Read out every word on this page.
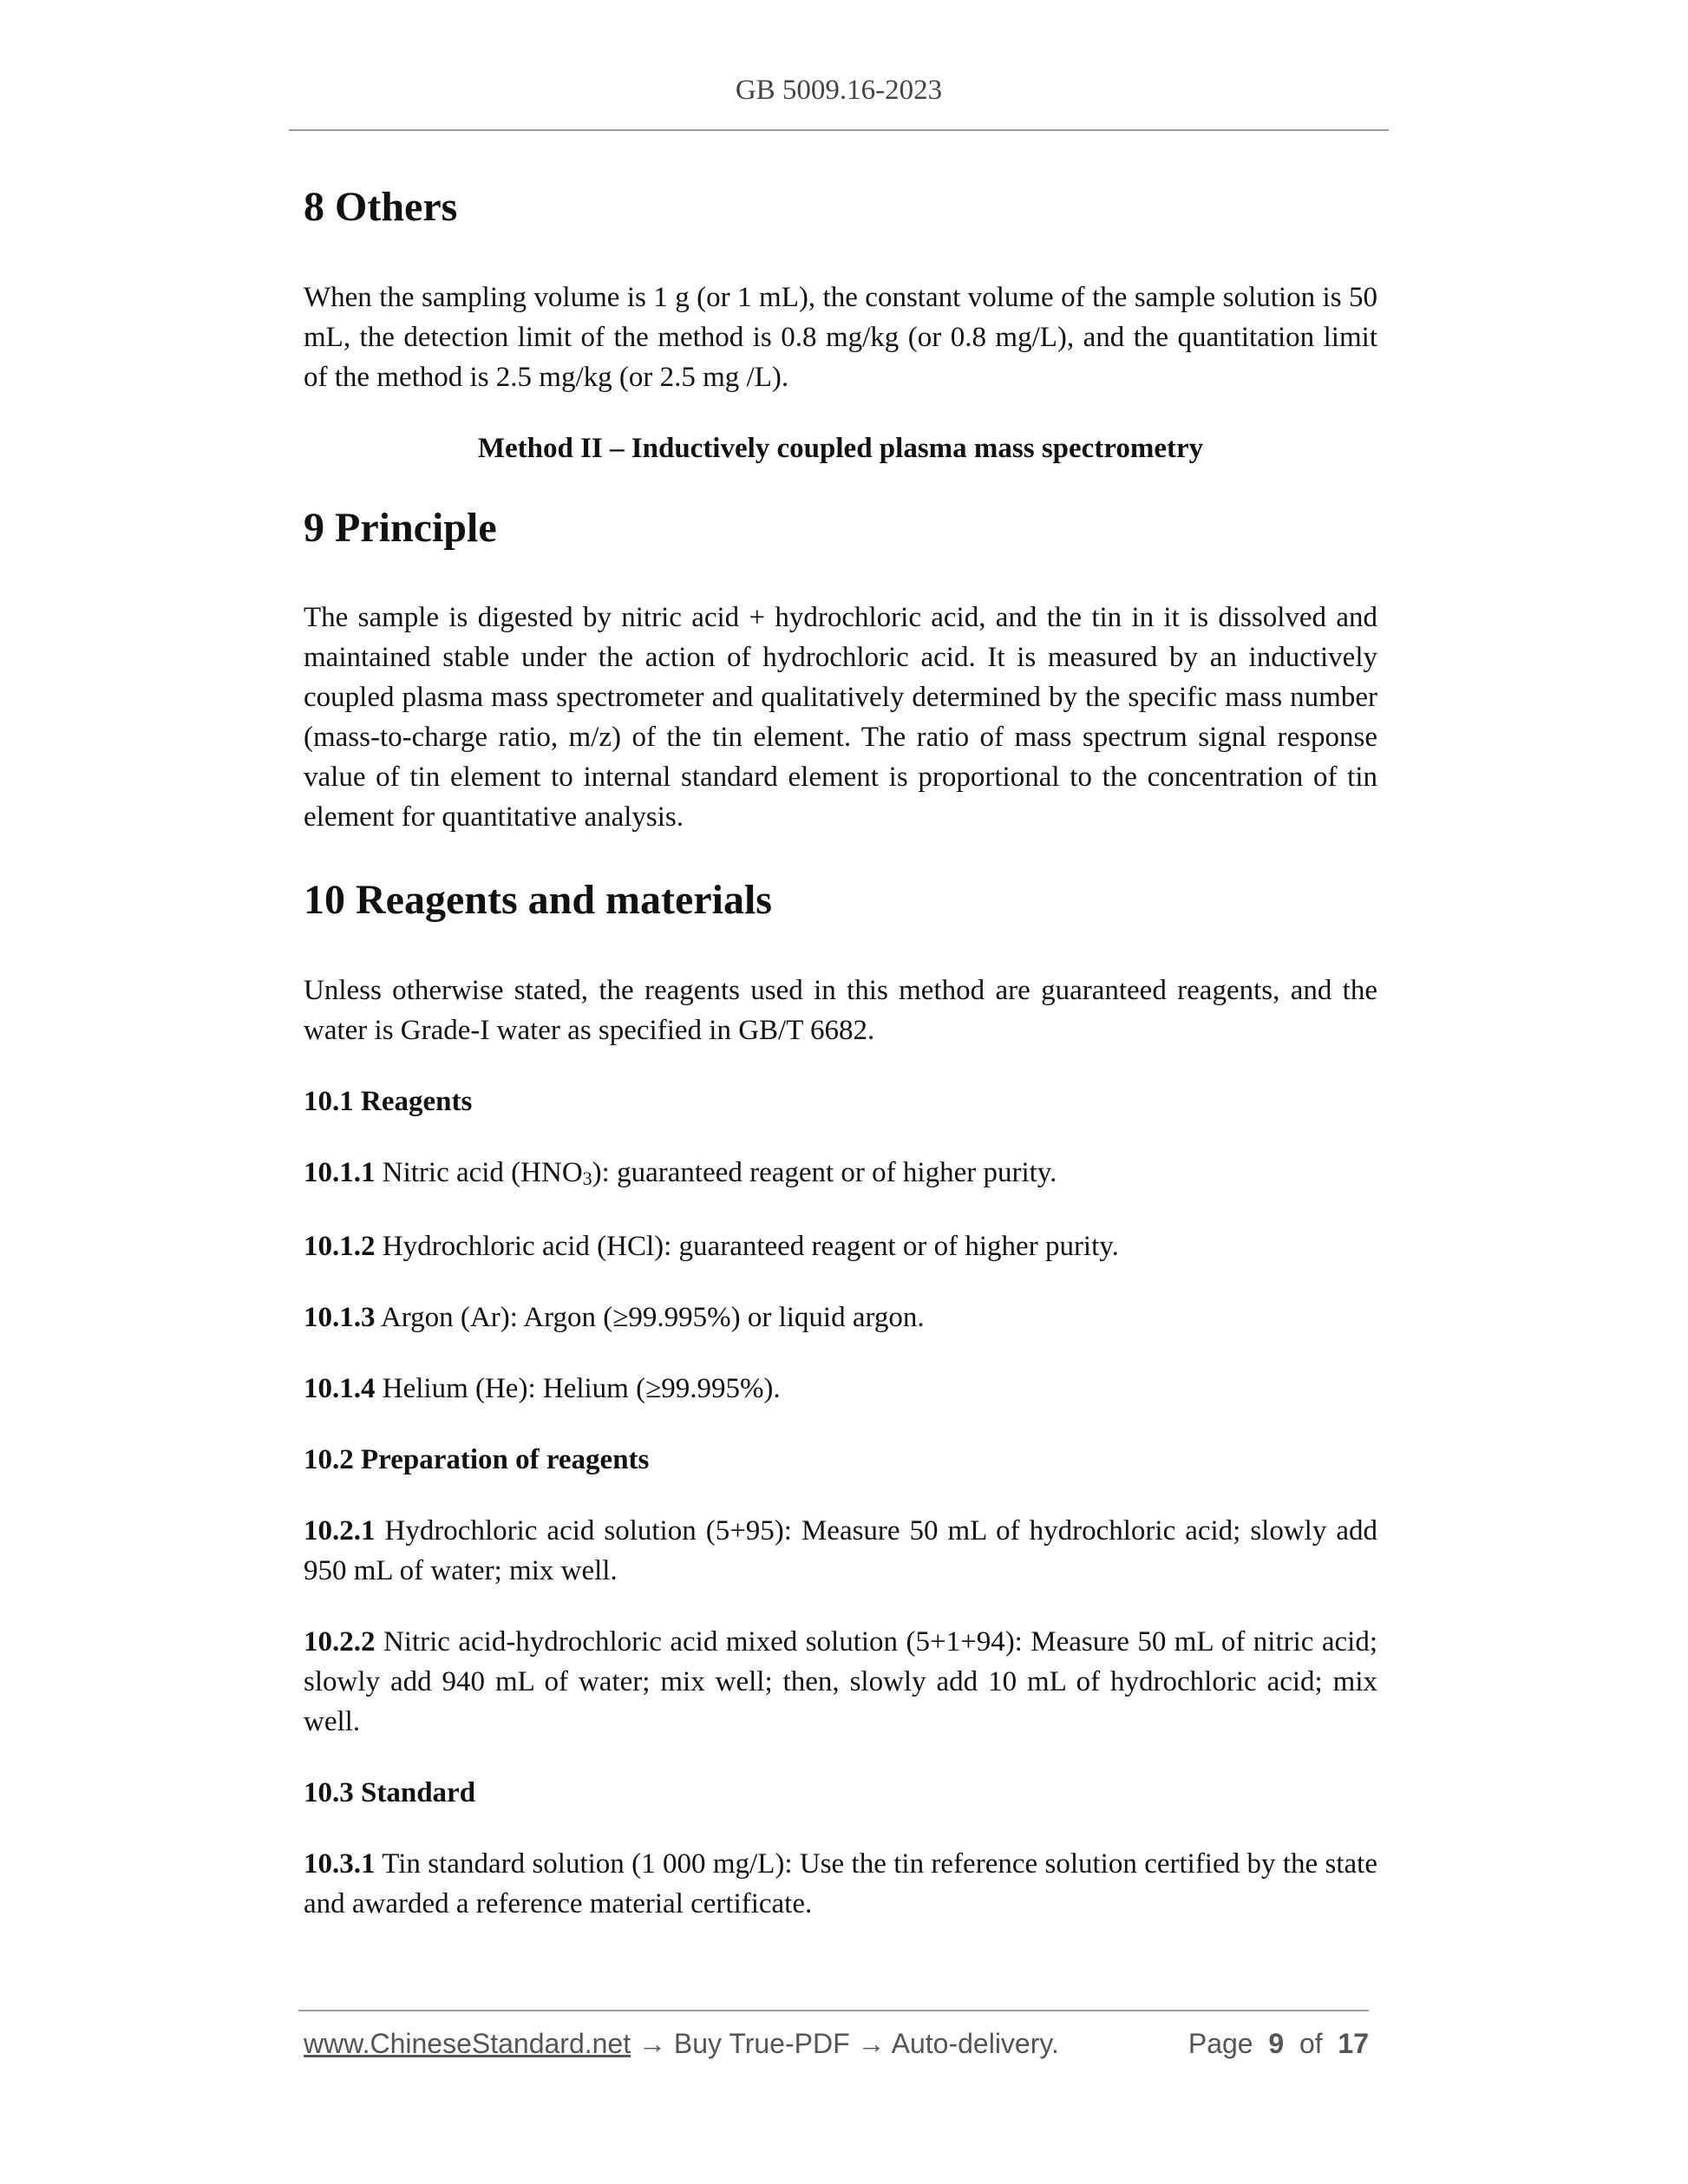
GB 5009.16-2023
8 Others

When the sampling volume is 1 g (or 1 mL), the constant volume of the sample solution is 50 mL, the detection limit of the method is 0.8 mg/kg (or 0.8 mg/L), and the quantitation limit of the method is 2.5 mg/kg (or 2.5 mg /L).

Method II – Inductively coupled plasma mass spectrometry
9 Principle

The sample is digested by nitric acid + hydrochloric acid, and the tin in it is dissolved and maintained stable under the action of hydrochloric acid. It is measured by an inductively coupled plasma mass spectrometer and qualitatively determined by the specific mass number (mass-to-charge ratio, m/z) of the tin element. The ratio of mass spectrum signal response value of tin element to internal standard element is proportional to the concentration of tin element for quantitative analysis.

10 Reagents and materials

Unless otherwise stated, the reagents used in this method are guaranteed reagents, and the water is Grade-I water as specified in GB/T 6682.

10.1 Reagents

10.1.1 Nitric acid $(HNO_3)$: guaranteed reagent or of higher purity.

10.1.2 Hydrochloric acid (HCl): guaranteed reagent or of higher purity.

10.1.3 Argon (Ar): Argon (≥99.995%) or liquid argon.

10.1.4 Helium (He): Helium (≥99.995%).

10.2 Preparation of reagents

10.2.1 Hydrochloric acid solution (5+95): Measure 50 mL of hydrochloric acid; slowly add 950 mL of water; mix well.

10.2.2 Nitric acid-hydrochloric acid mixed solution (5+1+94): Measure 50 mL of nitric acid; slowly add 940 mL of water; mix well; then, slowly add 10 mL of hydrochloric acid; mix well.

10.3 Standard

10.3.1 Tin standard solution (1 000 mg/L): Use the tin reference solution certified by the state and awarded a reference material certificate.

www.ChineseStandard.net → Buy True-PDF → Auto-delivery.	Page 9 of 17
